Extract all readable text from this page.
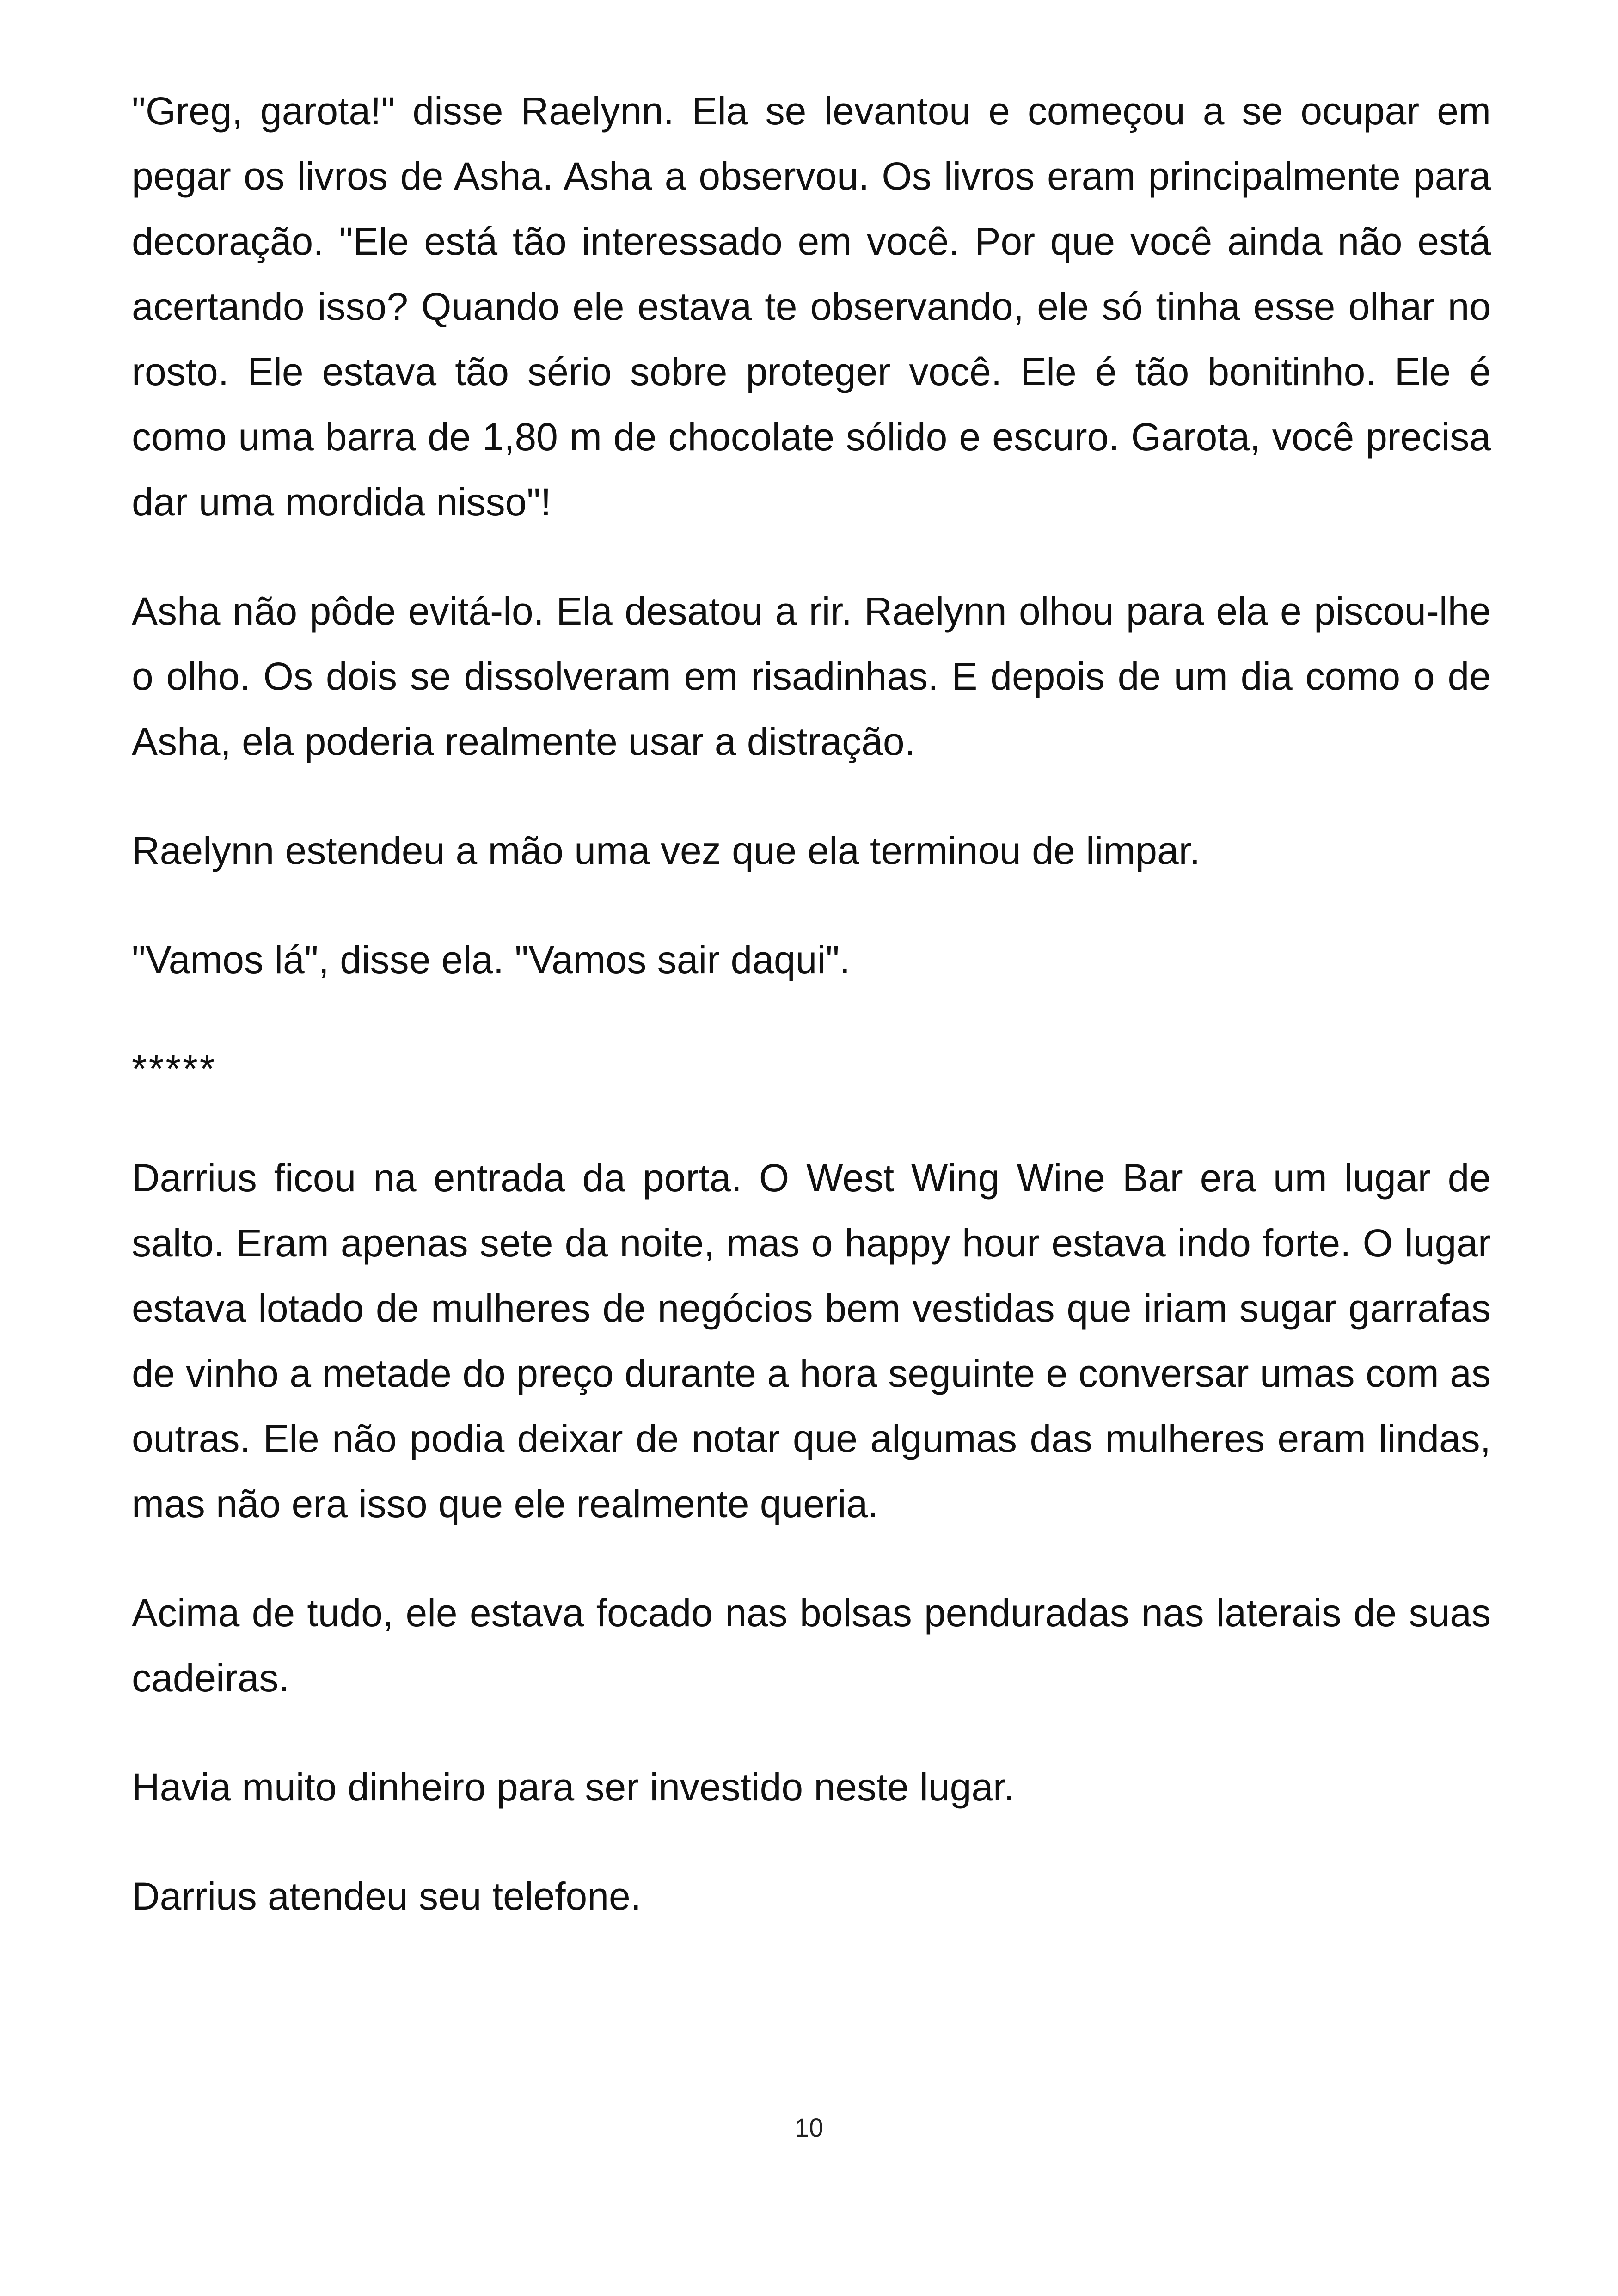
"Greg, garota!" disse Raelynn. Ela se levantou e começou a se ocupar em pegar os livros de Asha. Asha a observou. Os livros eram principalmente para decoração. "Ele está tão interessado em você. Por que você ainda não está acertando isso? Quando ele estava te observando, ele só tinha esse olhar no rosto. Ele estava tão sério sobre proteger você. Ele é tão bonitinho. Ele é como uma barra de 1,80 m de chocolate sólido e escuro. Garota, você precisa dar uma mordida nisso"!

Asha não pôde evitá-lo. Ela desatou a rir. Raelynn olhou para ela e piscou-lhe o olho. Os dois se dissolveram em risadinhas. E depois de um dia como o de Asha, ela poderia realmente usar a distração.

Raelynn estendeu a mão uma vez que ela terminou de limpar.

"Vamos lá", disse ela. "Vamos sair daqui".

*****

Darrius ficou na entrada da porta. O West Wing Wine Bar era um lugar de salto. Eram apenas sete da noite, mas o happy hour estava indo forte. O lugar estava lotado de mulheres de negócios bem vestidas que iriam sugar garrafas de vinho a metade do preço durante a hora seguinte e conversar umas com as outras. Ele não podia deixar de notar que algumas das mulheres eram lindas, mas não era isso que ele realmente queria.

Acima de tudo, ele estava focado nas bolsas penduradas nas laterais de suas cadeiras.

Havia muito dinheiro para ser investido neste lugar.

Darrius atendeu seu telefone.

10
